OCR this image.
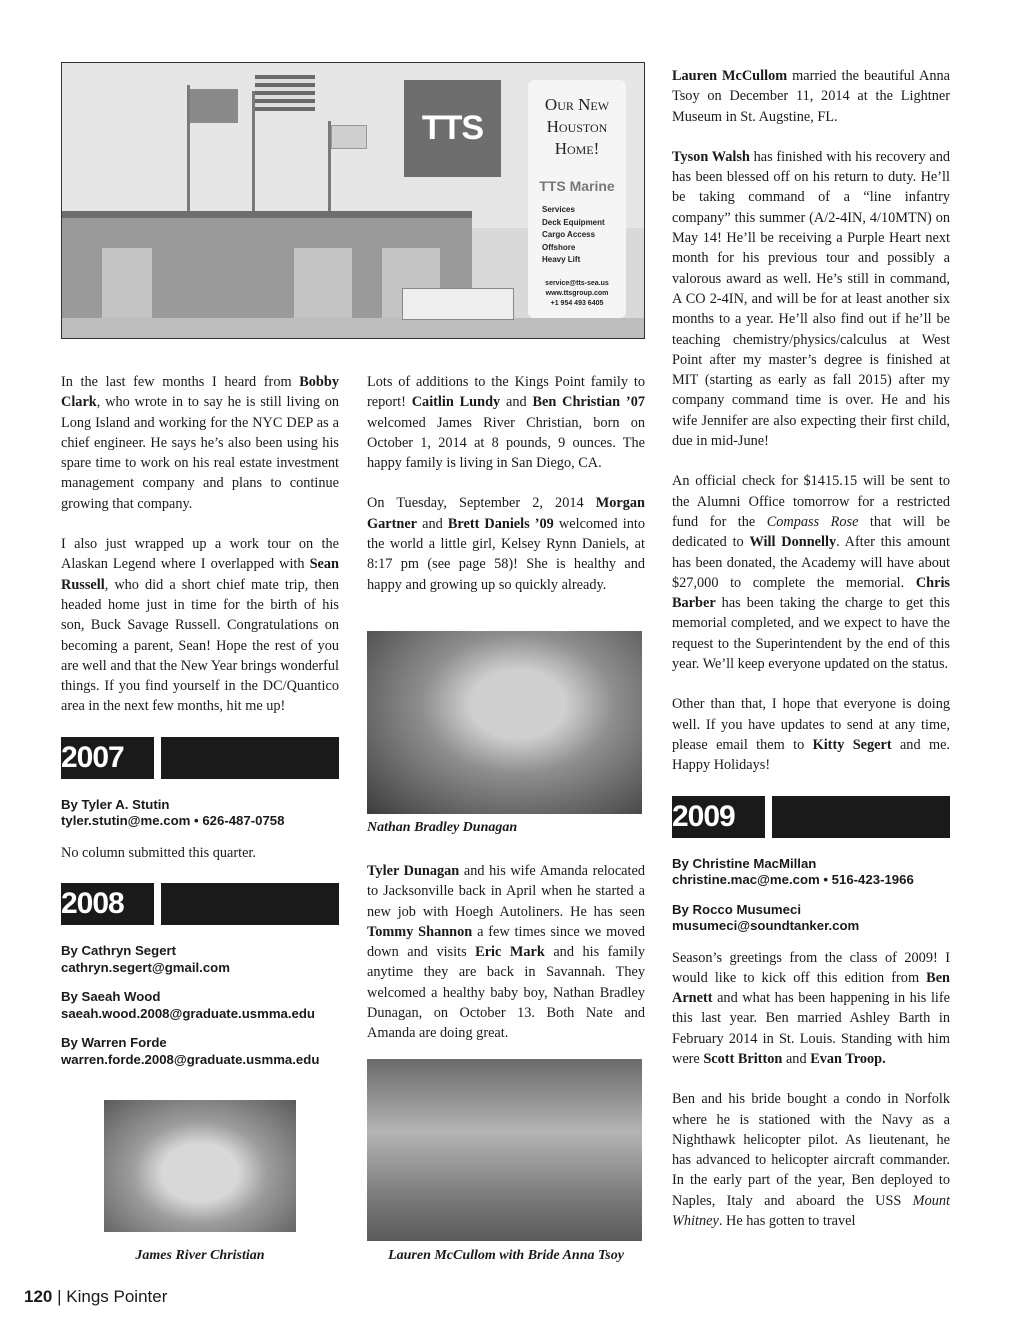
TTS
Our New Houston Home!
TTS Marine
Services
Deck Equipment
Cargo Access
Offshore
Heavy Lift
service@tts-sea.us
www.ttsgroup.com
+1 954 493 6405

In the last few months I heard from Bobby Clark, who wrote in to say he is still living on Long Island and working for the NYC DEP as a chief engineer. He says he’s also been using his spare time to work on his real estate investment management company and plans to continue growing that company.

I also just wrapped up a work tour on the Alaskan Legend where I overlapped with Sean Russell, who did a short chief mate trip, then headed home just in time for the birth of his son, Buck Savage Russell. Congratulations on becoming a parent, Sean! Hope the rest of you are well and that the New Year brings wonderful things. If you find yourself in the DC/Quantico area in the next few months, hit me up!

2007
By Tyler A. Stutin
tyler.stutin@me.com • 626-487-0758

No column submitted this quarter.

2008
By Cathryn Segert
cathryn.segert@gmail.com
By Saeah Wood
saeah.wood.2008@graduate.usmma.edu
By Warren Forde
warren.forde.2008@graduate.usmma.edu

James River Christian

Lots of additions to the Kings Point family to report! Caitlin Lundy and Ben Christian ’07 welcomed James River Christian, born on October 1, 2014 at 8 pounds, 9 ounces. The happy family is living in San Diego, CA.

On Tuesday, September 2, 2014 Morgan Gartner and Brett Daniels ’09 welcomed into the world a little girl, Kelsey Rynn Daniels, at 8:17 pm (see page 58)! She is healthy and happy and growing up so quickly already.

Nathan Bradley Dunagan

Tyler Dunagan and his wife Amanda relocated to Jacksonville back in April when he started a new job with Hoegh Autoliners. He has seen Tommy Shannon a few times since we moved down and visits Eric Mark and his family anytime they are back in Savannah. They welcomed a healthy baby boy, Nathan Bradley Dunagan, on October 13. Both Nate and Amanda are doing great.

Lauren McCullom with Bride Anna Tsoy

Lauren McCullom married the beautiful Anna Tsoy on December 11, 2014 at the Lightner Museum in St. Augstine, FL.

Tyson Walsh has finished with his recovery and has been blessed off on his return to duty. He’ll be taking command of a “line infantry company” this summer (A/2-4IN, 4/10MTN) on May 14! He’ll be receiving a Purple Heart next month for his previous tour and possibly a valorous award as well. He’s still in command, A CO 2-4IN, and will be for at least another six months to a year. He’ll also find out if he’ll be teaching chemistry/physics/calculus at West Point after my master’s degree is finished at MIT (starting as early as fall 2015) after my company command time is over. He and his wife Jennifer are also expecting their first child, due in mid-June!

An official check for $1415.15 will be sent to the Alumni Office tomorrow for a restricted fund for the Compass Rose that will be dedicated to Will Donnelly. After this amount has been donated, the Academy will have about $27,000 to complete the memorial. Chris Barber has been taking the charge to get this memorial completed, and we expect to have the request to the Superintendent by the end of this year. We’ll keep everyone updated on the status.

Other than that, I hope that everyone is doing well. If you have updates to send at any time, please email them to Kitty Segert and me. Happy Holidays!

2009
By Christine MacMillan
christine.mac@me.com • 516-423-1966
By Rocco Musumeci
musumeci@soundtanker.com

Season’s greetings from the class of 2009! I would like to kick off this edition from Ben Arnett and what has been happening in his life this last year. Ben married Ashley Barth in February 2014 in St. Louis. Standing with him were Scott Britton and Evan Troop.

Ben and his bride bought a condo in Norfolk where he is stationed with the Navy as a Nighthawk helicopter pilot. As lieutenant, he has advanced to helicopter aircraft commander. In the early part of the year, Ben deployed to Naples, Italy and aboard the USS Mount Whitney. He has gotten to travel

120 | Kings Pointer
